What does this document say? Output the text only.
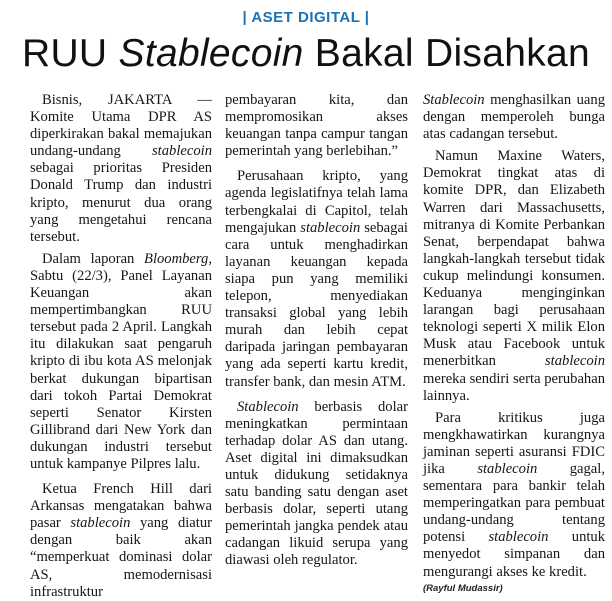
| ASET DIGITAL |
RUU Stablecoin Bakal Disahkan

Bisnis, JAKARTA — Komite Utama DPR AS diperkirakan bakal memajukan undang-undang stablecoin sebagai prioritas Presiden Donald Trump dan industri kripto, menurut dua orang yang mengetahui rencana tersebut.

Dalam laporan Bloomberg, Sabtu (22/3), Panel Layanan Keuangan akan mempertimbangkan RUU tersebut pada 2 April. Langkah itu dilakukan saat pengaruh kripto di ibu kota AS melonjak berkat dukungan bipartisan dari tokoh Partai Demokrat seperti Senator Kirsten Gillibrand dari New York dan dukungan industri tersebut untuk kampanye Pilpres lalu.

Ketua French Hill dari Arkansas mengatakan bahwa pasar stablecoin yang diatur dengan baik akan “memperkuat dominasi dolar AS, memodernisasi infrastruktur

pembayaran kita, dan mempromosikan akses keuangan tanpa campur tangan pemerintah yang berlebihan.”

Perusahaan kripto, yang agenda legislatifnya telah lama terbengkalai di Capitol, telah mengajukan stablecoin sebagai cara untuk menghadirkan layanan keuangan kepada siapa pun yang memiliki telepon, menyediakan transaksi global yang lebih murah dan lebih cepat daripada jaringan pembayaran yang ada seperti kartu kredit, transfer bank, dan mesin ATM.

Stablecoin berbasis dolar meningkatkan permintaan terhadap dolar AS dan utang. Aset digital ini dimaksudkan untuk didukung setidaknya satu banding satu dengan aset berbasis dolar, seperti utang pemerintah jangka pendek atau cadangan likuid serupa yang diawasi oleh regulator.

Stablecoin menghasilkan uang dengan memperoleh bunga atas cadangan tersebut.

Namun Maxine Waters, Demokrat tingkat atas di komite DPR, dan Elizabeth Warren dari Massachusetts, mitranya di Komite Perbankan Senat, berpendapat bahwa langkah-langkah tersebut tidak cukup melindungi konsumen. Keduanya menginginkan larangan bagi perusahaan teknologi seperti X milik Elon Musk atau Facebook untuk menerbitkan stablecoin mereka sendiri serta perubahan lainnya.

Para kritikus juga mengkhawatirkan kurangnya jaminan seperti asuransi FDIC jika stablecoin gagal, sementara para bankir telah memperingatkan para pembuat undang-undang tentang potensi stablecoin untuk menyedot simpanan dan mengurangi akses ke kredit.

(Rayful Mudassir)
